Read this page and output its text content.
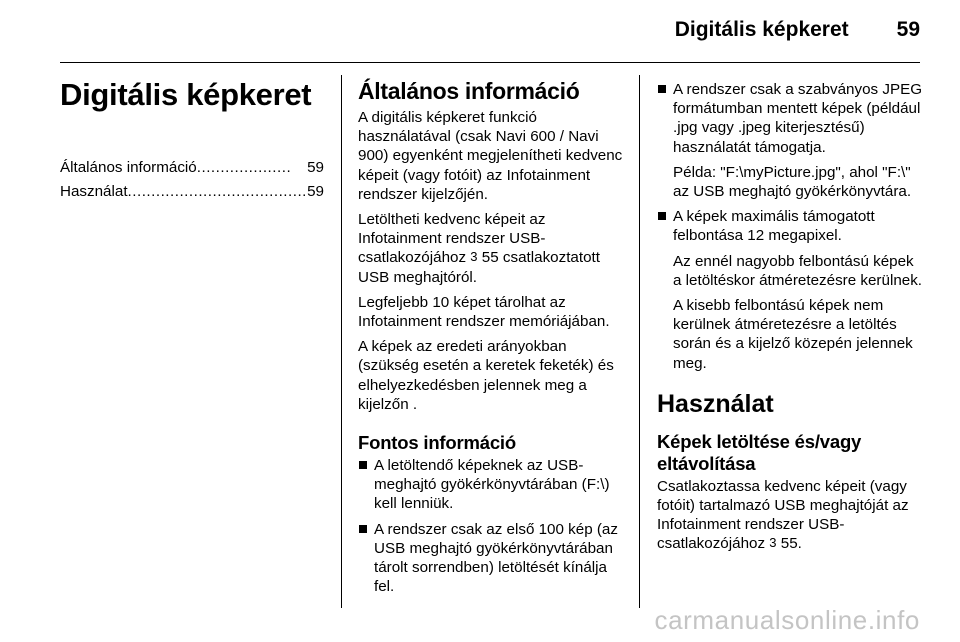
Digitális képkeret 59
Digitális képkeret
Általános információ ....................	59
Használat ...................................... 59
Általános információ

A digitális képkeret funkció használatával (csak Navi 600 / Navi 900) egyenként megjelenítheti kedvenc képeit (vagy fotóit) az Infotainment rendszer kijelzőjén.

Letöltheti kedvenc képeit az Infotainment rendszer USB-csatlakozójához 3 55 csatlakoztatott USB meghajtóról.

Legfeljebb 10 képet tárolhat az Infotainment rendszer memóriájában.

A képek az eredeti arányokban (szükség esetén a keretek feketék) és elhelyezkedésben jelennek meg a kijelzőn .

Fontos információ

A letöltendő képeknek az USB-meghajtó gyökérkönyvtárában (F:\) kell lenniük.

A rendszer csak az első 100 kép (az USB meghajtó gyökérkönyvtárában tárolt sorrendben) letöltését kínálja fel.

A rendszer csak a szabványos JPEG formátumban mentett képek (például .jpg vagy .jpeg kiterjesztésű) használatát támogatja.

Példa: "F:\myPicture.jpg", ahol "F:\" az USB meghajtó gyökérkönyvtára.

A képek maximális támogatott felbontása 12 megapixel.

Az ennél nagyobb felbontású képek a letöltéskor átméretezésre kerülnek.

A kisebb felbontású képek nem kerülnek átméretezésre a letöltés során és a kijelző közepén jelennek meg.

Használat
Képek letöltése és/vagy eltávolítása

Csatlakoztassa kedvenc képeit (vagy fotóit) tartalmazó USB meghajtóját az Infotainment rendszer USB-csatlakozójához 3 55.

carmanualsonline.info
